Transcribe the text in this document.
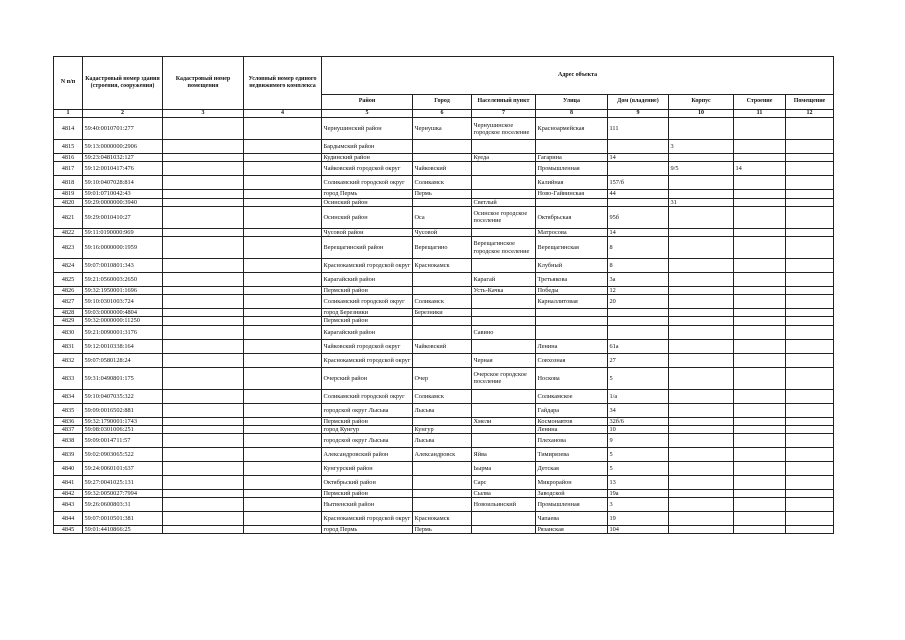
N п/п	Кадастровый номер здания (строения, сооружения)	Кадастровый номер помещения	Условный номер единого недвижимого комплекса	Адрес объекта							
				Район	Город	Населенный пункт	Улица	Дом (владение)	Корпус	Строение	Помещение
1	2	3	4	5	6	7	8	9	10	11	12
4814	59:40:0010701:277			Чернушинский район	Чернушка	Чернушинское городское поселение	Красноармейская	111			
4815	59:13:0000000:2906			Бардымский район					3		
4816	59:23:0481032:127			Кудинский район		Куеда	Гагарина	14			
4817	59:12:0010417:476			Чайковский городской округ	Чайковский		Промышленная		9/5	14	
4818	59:10:0407028:814			Соликамский городской округ	Соликамск		Калийная	157/б			
4819	59:01:0710042:43			город Пермь	Пермь		Ново-Гайвинская	44			
4820	59:29:0000000:3940			Осинский район		Светлый			31		
4821	59:29:0010410:27			Осинский район	Оса	Осинское городское поселение	Октябрьская	95б			
4822	59:11:0190000:969			Чусовой район	Чусовой		Матросова	14			
4823	59:16:0000000:1959			Верещагинский район	Верещагино	Верещагинское городское поселение	Верещагинская	8			
4824	59:07:0010801:343			Краснокамский городской округ	Краснокамск		Клубный	8			
4825	59:21:0560003:2650			Карагайский район		Карагай	Третьякова	3а			
4826	59:32:1950001:1696			Пермский район		Усть-Качка	Победы	12			
4827	59:10:0301003:724			Соликамский городской округ	Соликамск		Карналлитовая	20			
4828	59:03:0000000:4804			город Березники	Березники						
4829	59:32:0000000:11250			Пермский район							
4830	59:21:0090001:3176			Карагайский район		Савино					
4831	59:12:0010338:164			Чайковский городской округ	Чайковский		Ленина	61а			
4832	59:07:0580128:24			Краснокамский городской округ		Черная	Совхозная	27			
4833	59:31:0490801:175			Очерский район	Очер	Очерское городское поселение	Носкова	5			
4834	59:10:0407035:322			Соликамский городской округ	Соликамск		Соликамское	1/а			
4835	59:09:0016502:881			городской округ Лысьва	Лысьва		Гайдара	34			
4836	59:32:1790001:1743			Пермский район		Хмели	Космонавтов	32б/6			
4837	59:08:0301006:251			город Кунгур	Кунгур		Ленина	10			
4838	59:09:0014711:57			городской округ Лысьва	Лысьва		Плеханова	9			
4839	59:02:0903065:522			Александровский район	Александровск	Яйва	Тимирязева	5			
4840	59:24:0060101:637			Кунгурский район		Ьырма	Детская	5			
4841	59:27:0041025:131			Октябрьский район		Сарс	Микрорайон	13			
4842	59:32:0050027:7994			Пермский район		Сылва	Заводской	19а			
4843	59:26:0600803:31			Нытвенский район		Новоильинский	Промышленная	3			
4844	59:07:0010501:381			Краснокамский городской округ	Краснокамск		Чапаева	19			
4845	59:01:4410866:25			город Пермь	Пермь		Рязанская	104			
